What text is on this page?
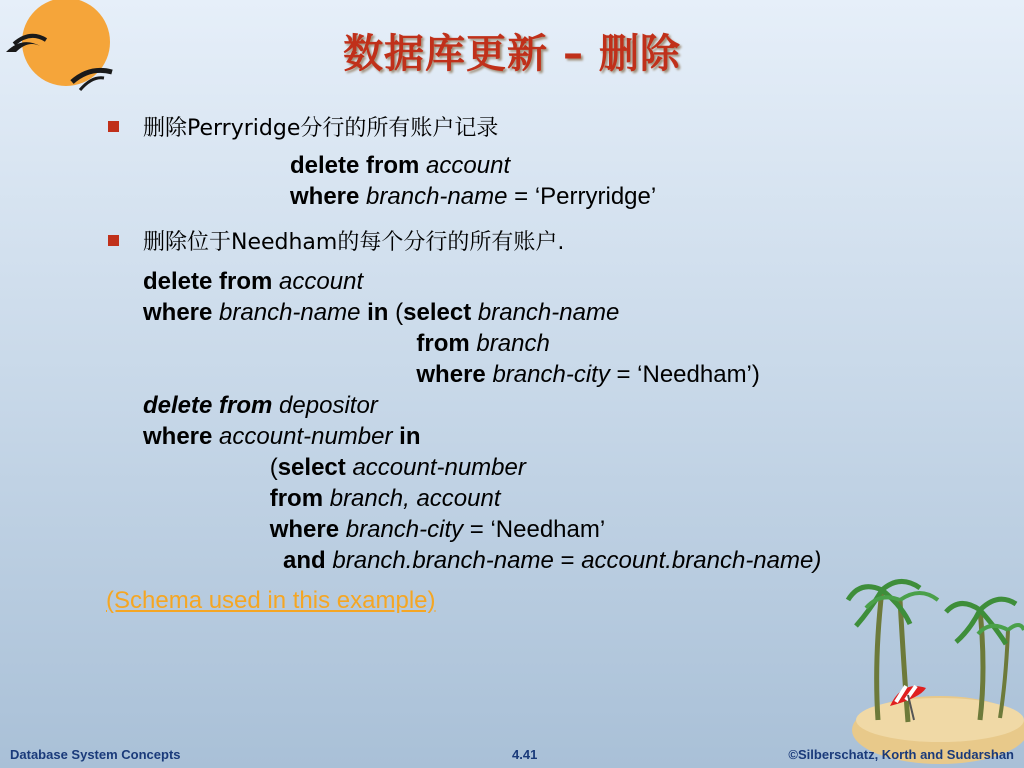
数据库更新 – 删除
删除Perryridge分行的所有账户记录
delete from account
where branch-name = ‘Perryridge’
删除位于Needham的每个分行的所有账户.
delete from account
where branch-name in (select branch-name
from branch
where branch-city = ‘Needham’)
delete from depositor
where account-number in
(select account-number
from branch, account
where branch-city = ‘Needham’
and branch.branch-name = account.branch-name)
(Schema used in this example)
Database System Concepts	4.41	©Silberschatz, Korth and Sudarshan
